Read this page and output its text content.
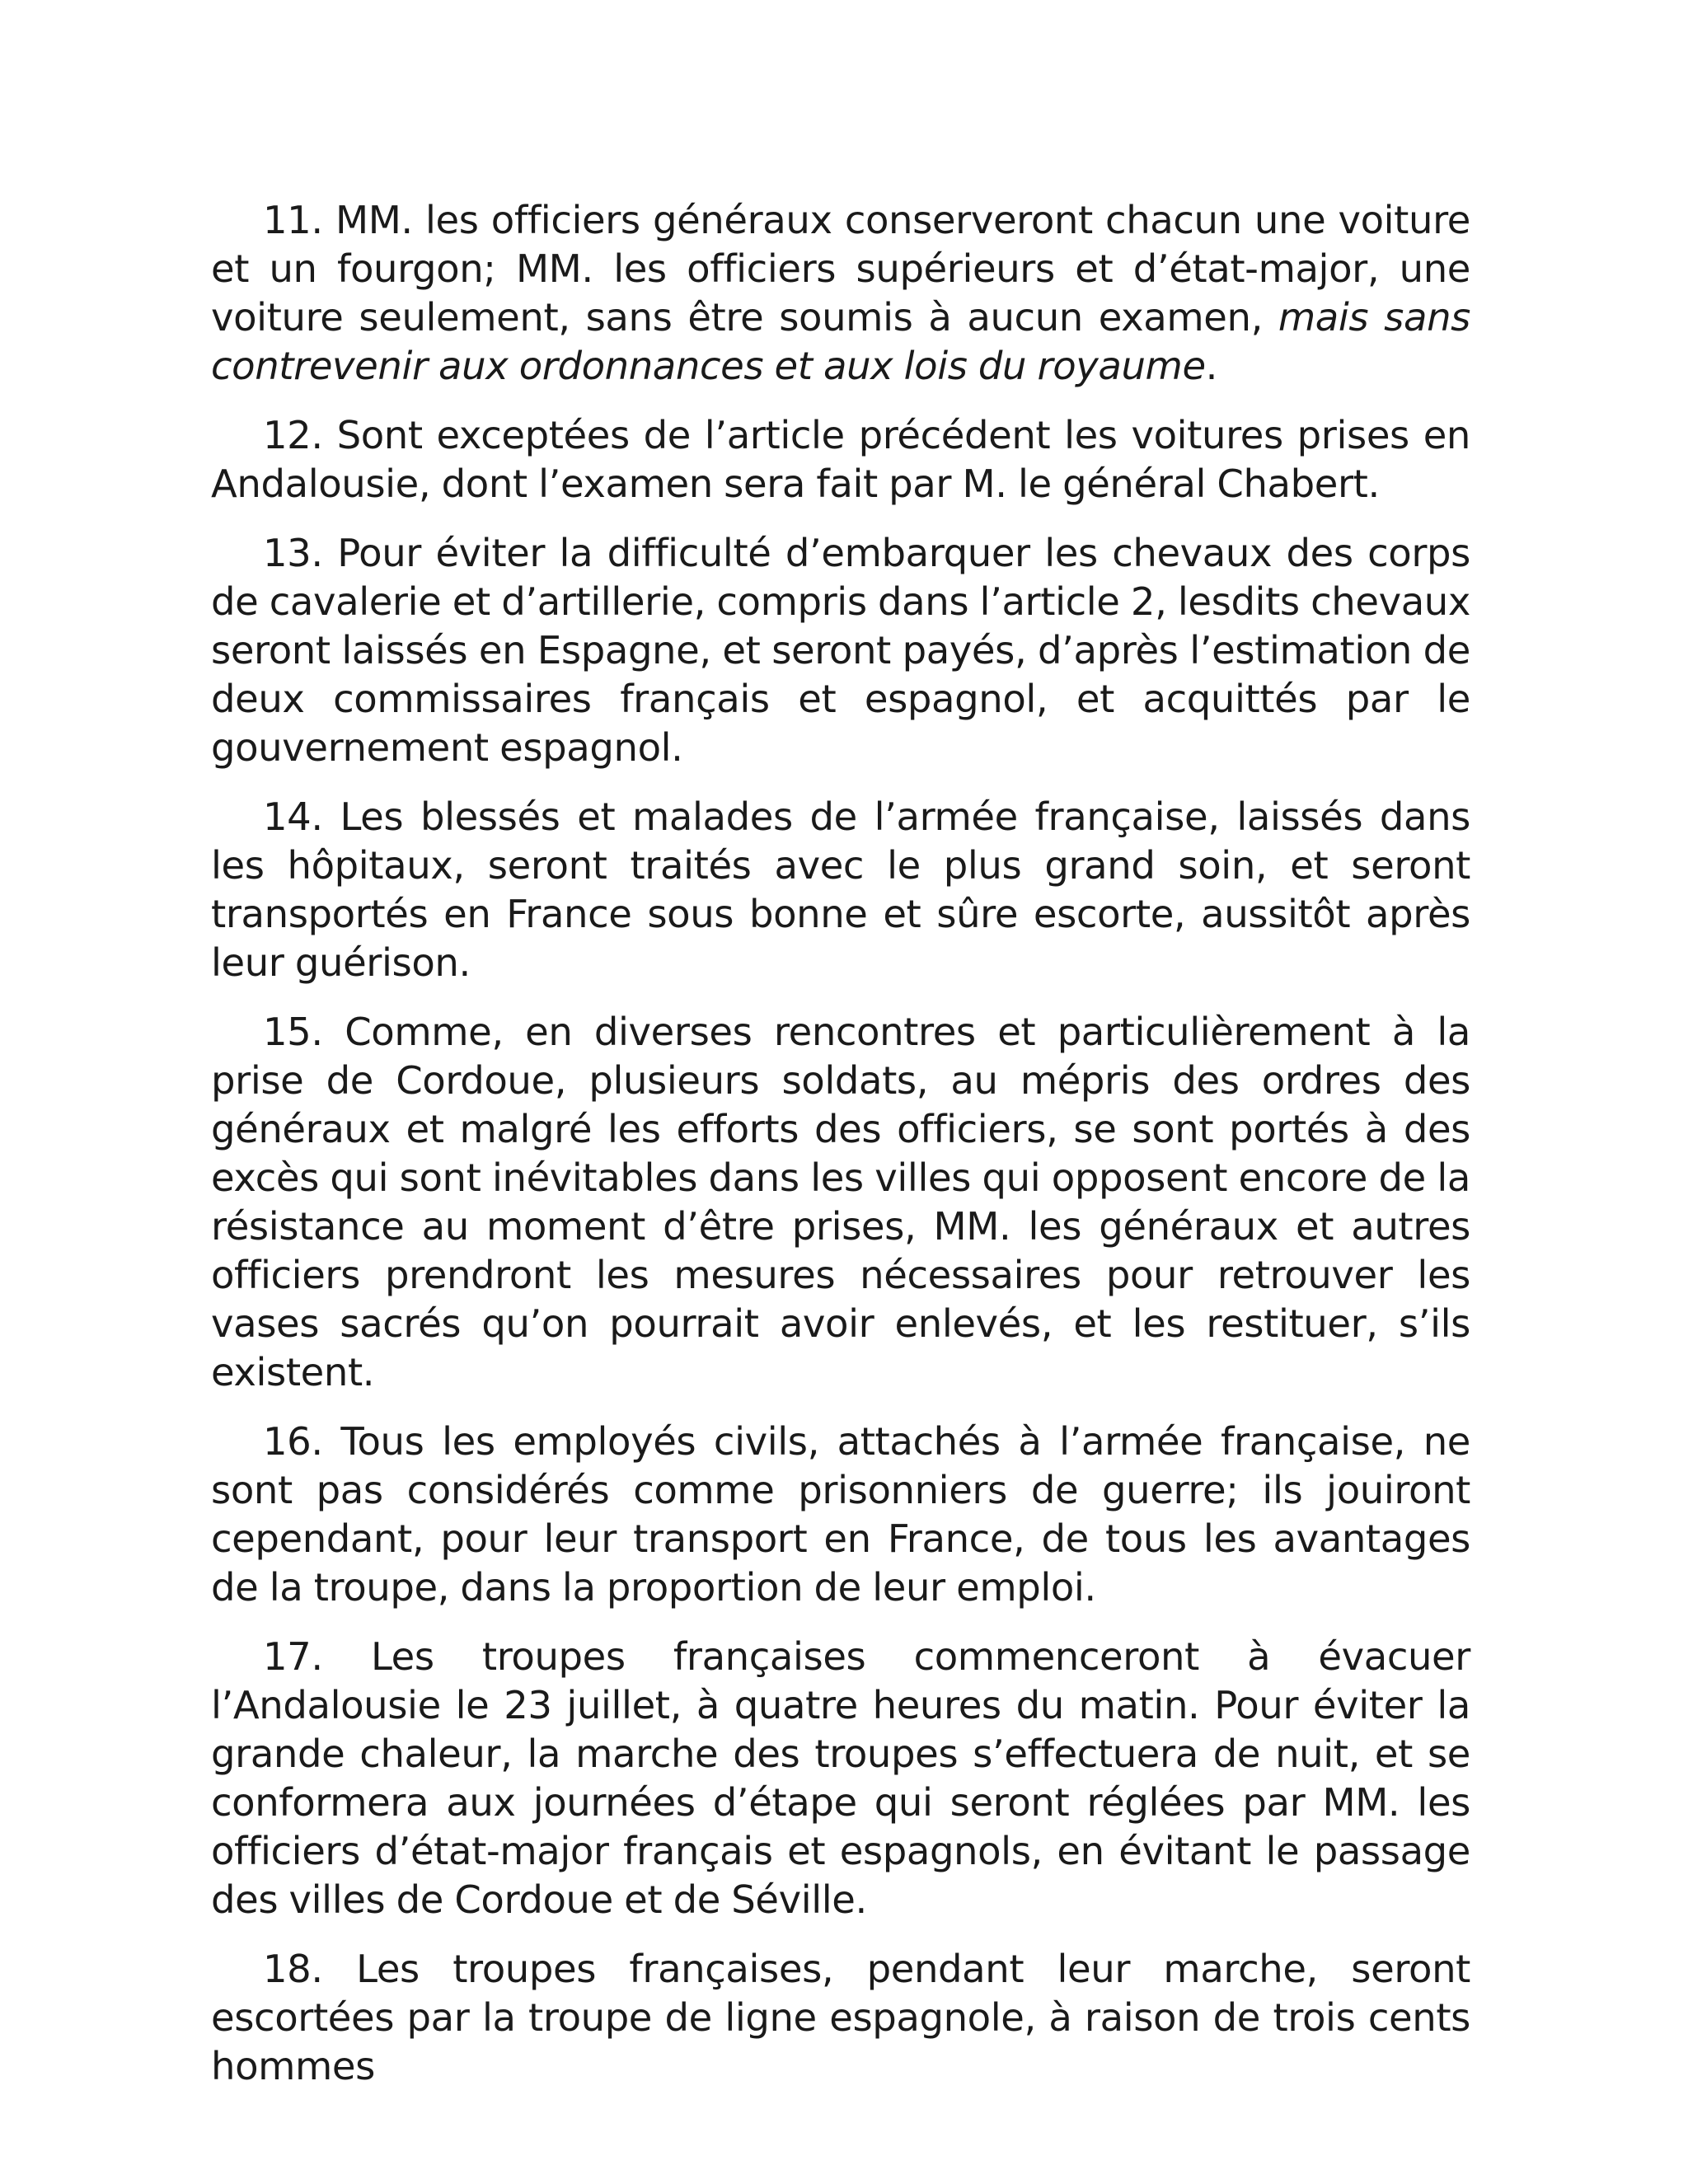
11. MM. les officiers généraux conserveront chacun une voiture et un fourgon; MM. les officiers supérieurs et d’état-major, une voiture seulement, sans être soumis à aucun examen, mais sans contrevenir aux ordonnances et aux lois du royaume.

12. Sont exceptées de l’article précédent les voitures prises en Andalousie, dont l’examen sera fait par M. le général Chabert.

13. Pour éviter la difficulté d’embarquer les chevaux des corps de cavalerie et d’artillerie, compris dans l’article 2, lesdits chevaux seront laissés en Espagne, et seront payés, d’après l’estimation de deux commissaires français et espagnol, et acquittés par le gouvernement espagnol.

14. Les blessés et malades de l’armée française, laissés dans les hôpitaux, seront traités avec le plus grand soin, et seront transportés en France sous bonne et sûre escorte, aussitôt après leur guérison.

15. Comme, en diverses rencontres et particulièrement à la prise de Cordoue, plusieurs soldats, au mépris des ordres des généraux et malgré les efforts des officiers, se sont portés à des excès qui sont inévitables dans les villes qui opposent encore de la résistance au moment d’être prises, MM. les généraux et autres officiers prendront les mesures nécessaires pour retrouver les vases sacrés qu’on pourrait avoir enlevés, et les restituer, s’ils existent.

16. Tous les employés civils, attachés à l’armée française, ne sont pas considérés comme prisonniers de guerre; ils jouiront cependant, pour leur transport en France, de tous les avantages de la troupe, dans la proportion de leur emploi.

17. Les troupes françaises commenceront à évacuer l’Andalousie le 23 juillet, à quatre heures du matin. Pour éviter la grande chaleur, la marche des troupes s’effectuera de nuit, et se conformera aux journées d’étape qui seront réglées par MM. les officiers d’état-major français et espagnols, en évitant le passage des villes de Cordoue et de Séville.

18. Les troupes françaises, pendant leur marche, seront escortées par la troupe de ligne espagnole, à raison de trois cents hommes
